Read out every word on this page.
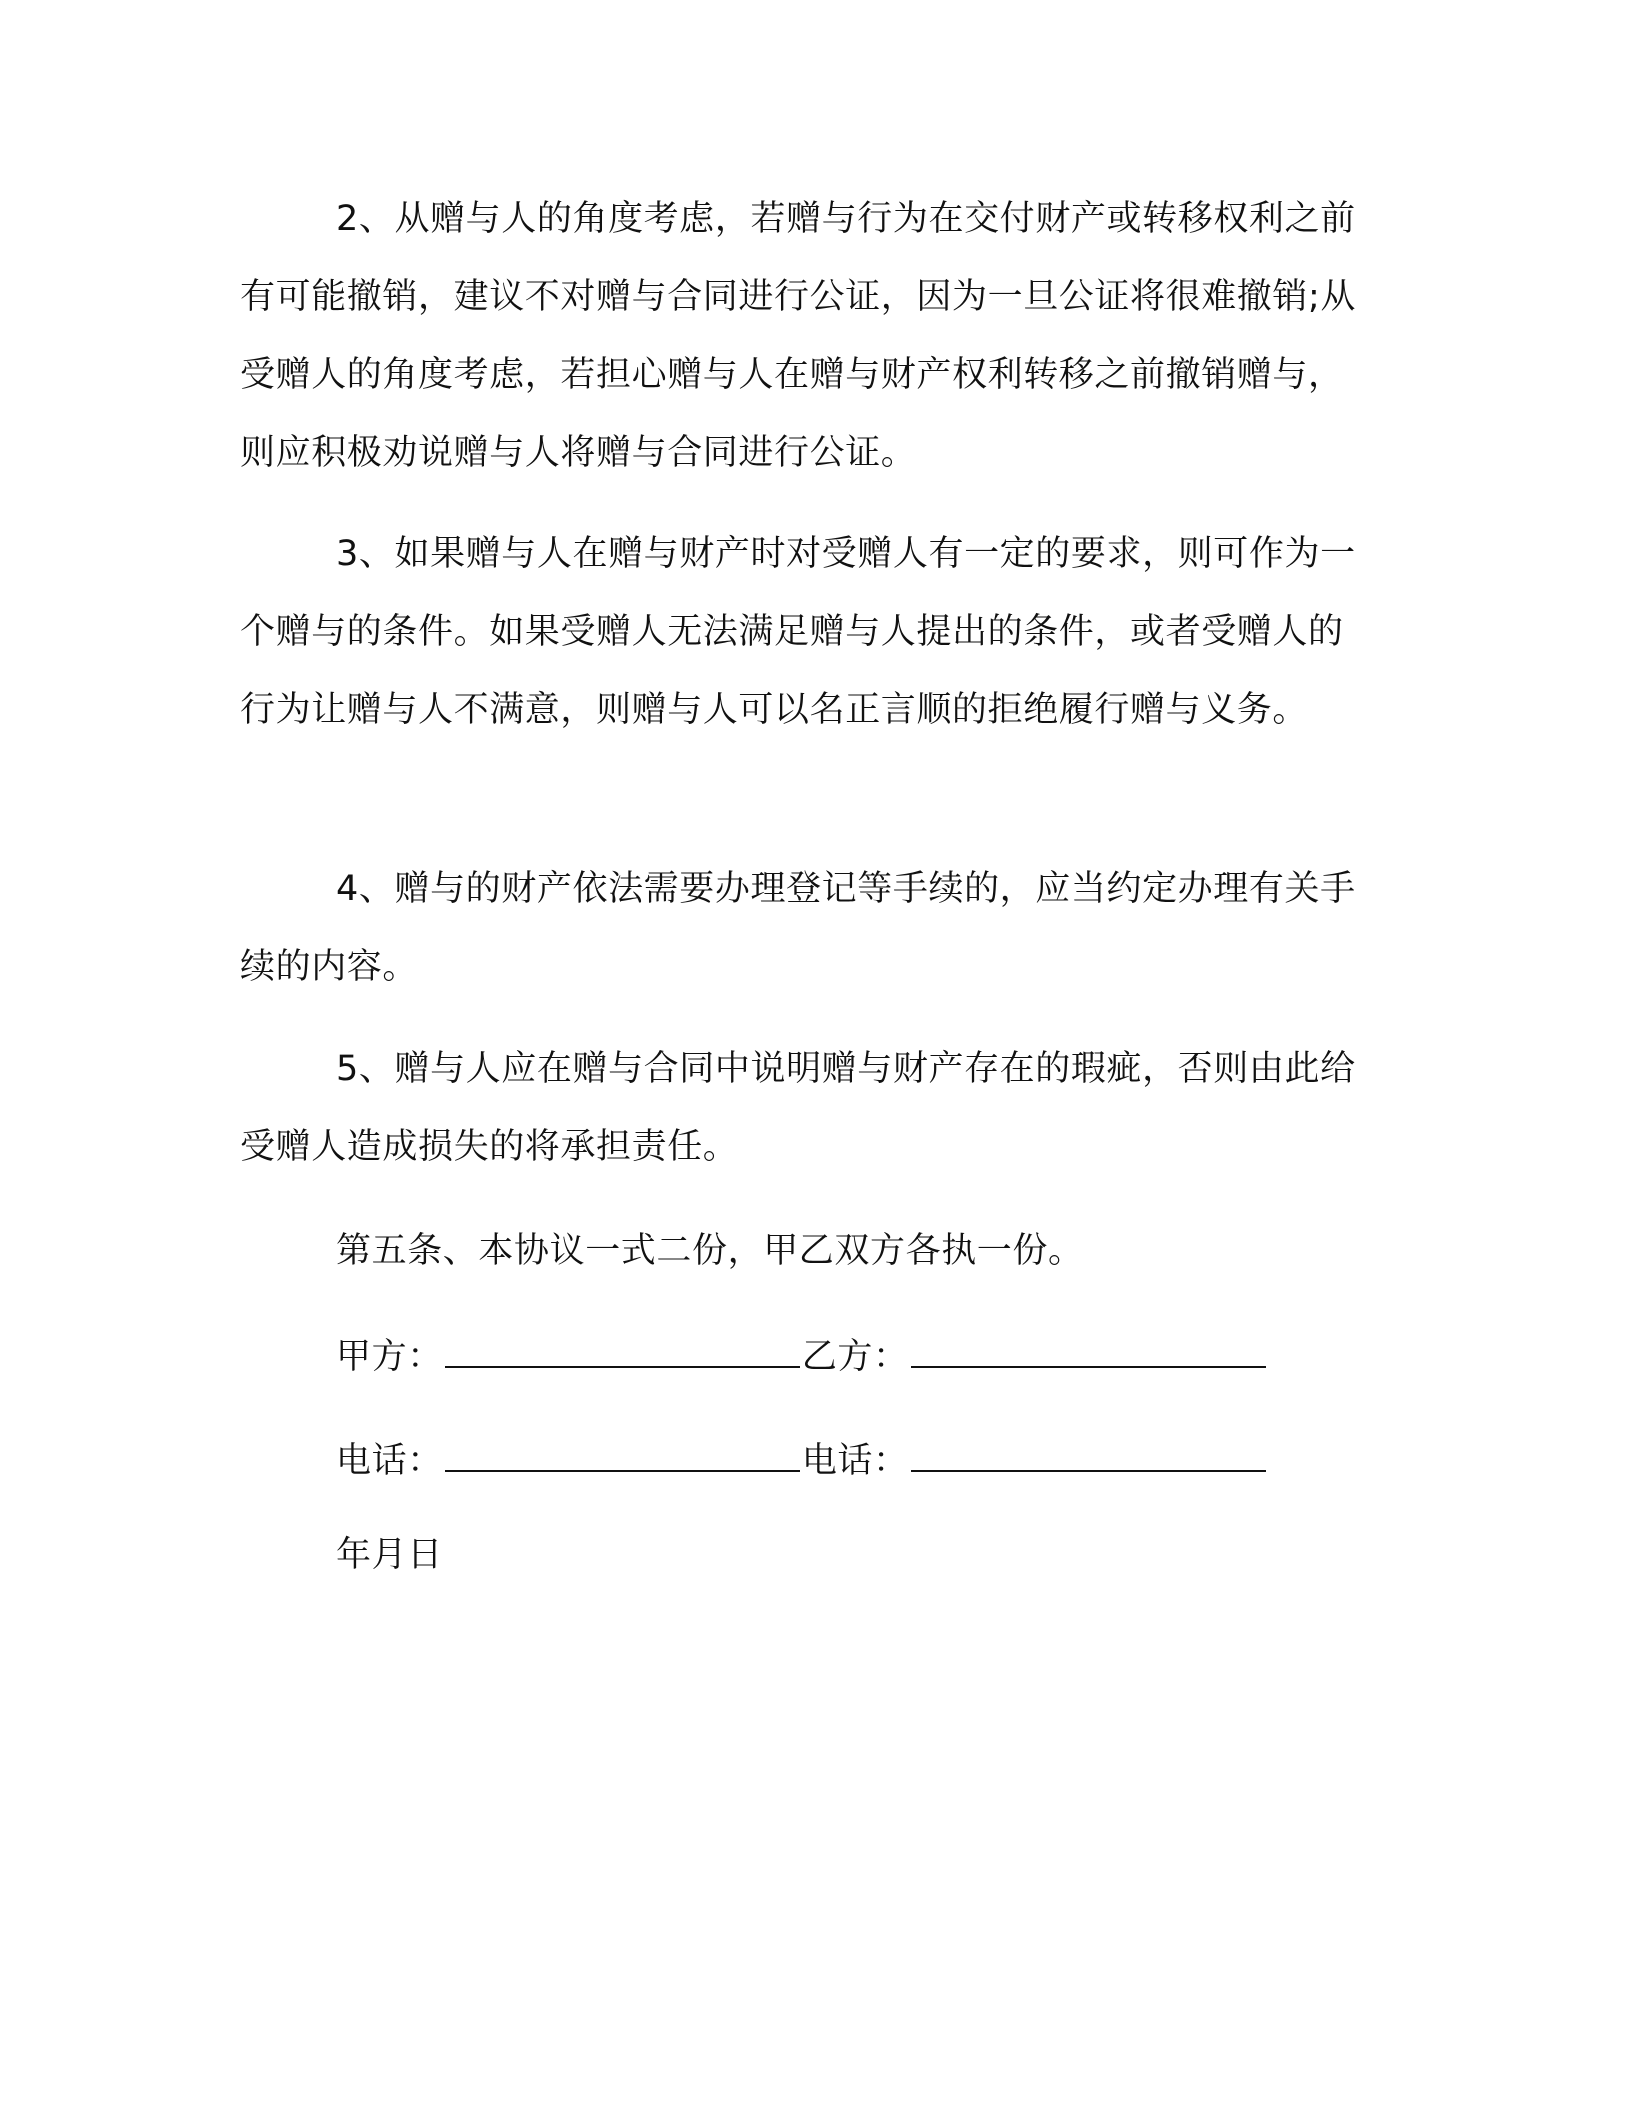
2、从赠与人的角度考虑，若赠与行为在交付财产或转移权利之前有可能撤销，建议不对赠与合同进行公证，因为一旦公证将很难撤销;从受赠人的角度考虑，若担心赠与人在赠与财产权利转移之前撤销赠与，则应积极劝说赠与人将赠与合同进行公证。

3、如果赠与人在赠与财产时对受赠人有一定的要求，则可作为一个赠与的条件。如果受赠人无法满足赠与人提出的条件，或者受赠人的行为让赠与人不满意，则赠与人可以名正言顺的拒绝履行赠与义务。

4、赠与的财产依法需要办理登记等手续的，应当约定办理有关手续的内容。

5、赠与人应在赠与合同中说明赠与财产存在的瑕疵，否则由此给受赠人造成损失的将承担责任。

第五条、本协议一式二份，甲乙双方各执一份。

甲方：	乙方：
电话：	电话：

年月日
